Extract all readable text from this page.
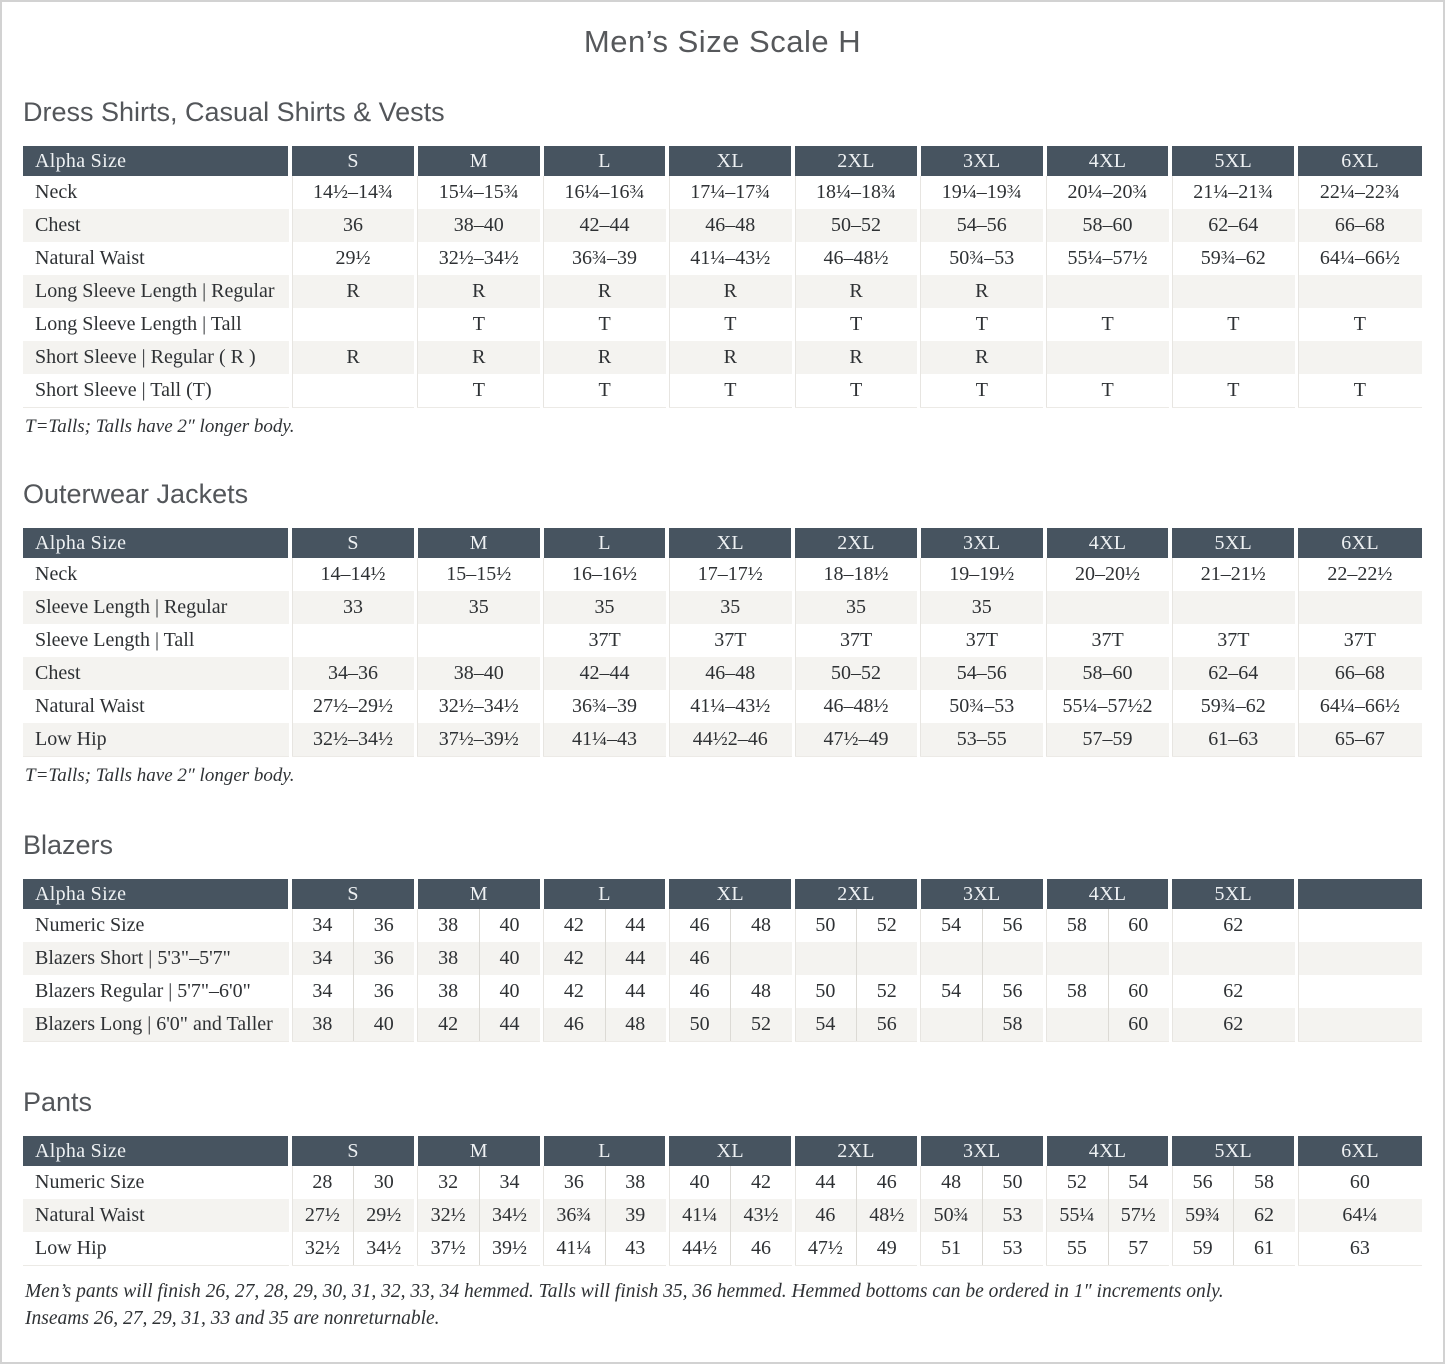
Men’s Size Scale H
Dress Shirts, Casual Shirts & Vests
Alpha Size	S	M	L	XL	2XL	3XL	4XL	5XL	6XL
Neck	14½–14¾	15¼–15¾	16¼–16¾	17¼–17¾	18¼–18¾	19¼–19¾	20¼–20¾	21¼–21¾	22¼–22¾
Chest	36	38–40	42–44	46–48	50–52	54–56	58–60	62–64	66–68
Natural Waist	29½	32½–34½	36¾–39	41¼–43½	46–48½	50¾–53	55¼–57½	59¾–62	64¼–66½
Long Sleeve Length | Regular	R	R	R	R	R	R			
Long Sleeve Length | Tall		T	T	T	T	T	T	T	T
Short Sleeve | Regular ( R )	R	R	R	R	R	R			
Short Sleeve | Tall (T)		T	T	T	T	T	T	T	T

T=Talls; Talls have 2″ longer body.

Outerwear Jackets
Alpha Size	S	M	L	XL	2XL	3XL	4XL	5XL	6XL
Neck	14–14½	15–15½	16–16½	17–17½	18–18½	19–19½	20–20½	21–21½	22–22½
Sleeve Length | Regular	33	35	35	35	35	35			
Sleeve Length | Tall			37T	37T	37T	37T	37T	37T	37T
Chest	34–36	38–40	42–44	46–48	50–52	54–56	58–60	62–64	66–68
Natural Waist	27½–29½	32½–34½	36¾–39	41¼–43½	46–48½	50¾–53	55¼–57½2	59¾–62	64¼–66½
Low Hip	32½–34½	37½–39½	41¼–43	44½2–46	47½–49	53–55	57–59	61–63	65–67

T=Talls; Talls have 2″ longer body.

Blazers
Alpha Size	S		M		L		XL		2XL		3XL		4XL		5XL	
Numeric Size	34	36	38	40	42	44	46	48	50	52	54	56	58	60	62	
Blazers Short | 5'3"–5'7"	34	36	38	40	42	44	46									
Blazers Regular | 5'7"–6'0"	34	36	38	40	42	44	46	48	50	52	54	56	58	60	62	
Blazers Long | 6'0" and Taller	38	40	42	44	46	48	50	52	54	56		58		60	62	
Pants
Alpha Size	S		M		L		XL		2XL		3XL		4XL		5XL		6XL
Numeric Size	28	30	32	34	36	38	40	42	44	46	48	50	52	54	56	58	60
Natural Waist	27½	29½	32½	34½	36¾	39	41¼	43½	46	48½	50¾	53	55¼	57½	59¾	62	64¼
Low Hip	32½	34½	37½	39½	41¼	43	44½	46	47½	49	51	53	55	57	59	61	63

Men’s pants will finish 26, 27, 28, 29, 30, 31, 32, 33, 34 hemmed. Talls will finish 35, 36 hemmed. Hemmed bottoms can be ordered in 1″ increments only.

Inseams 26, 27, 29, 31, 33 and 35 are nonreturnable.
